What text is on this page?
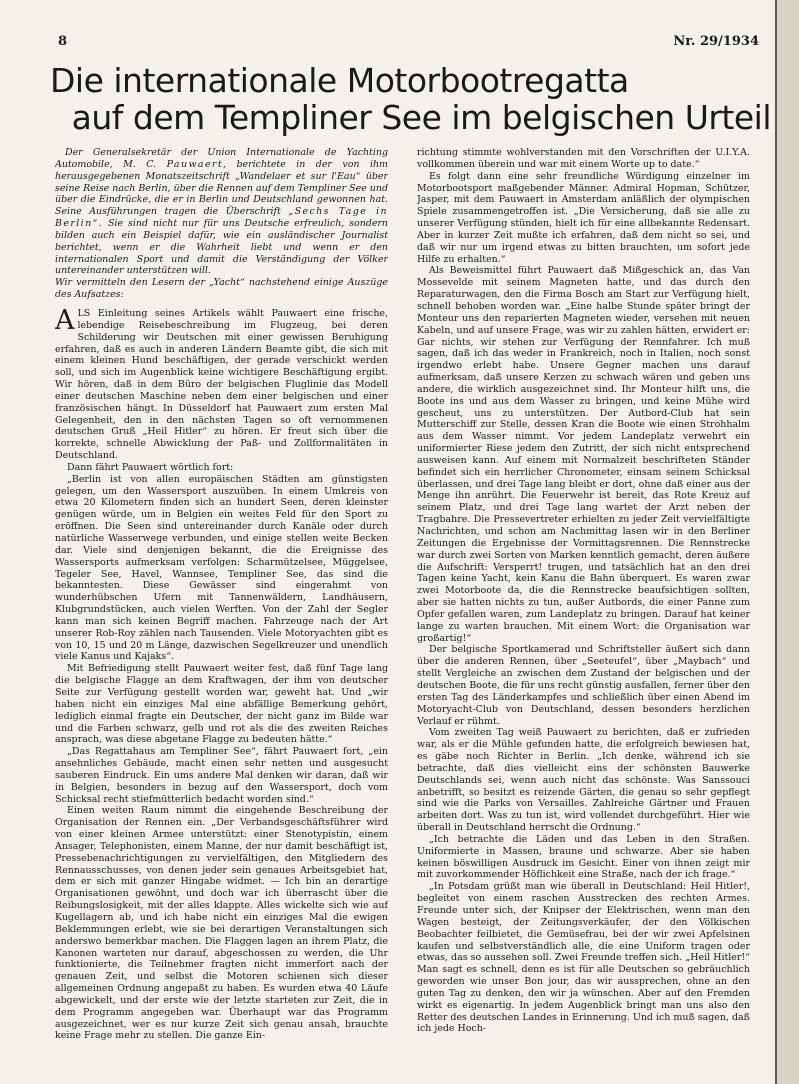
8	Nr. 29/1934
Die internationale Motorbootregatta
auf dem Templiner See im belgischen Urteil

Der Generalsekretär der Union Internationale de Yachting Automobile, M. C. Pauwaert, berichtete in der von ihm herausgegebenen Monatszeitschrift „Wandelaer et sur l'Eau“ über seine Reise nach Berlin, über die Rennen auf dem Templiner See und über die Eindrücke, die er in Berlin und Deutschland gewonnen hat. Seine Ausführungen tragen die Überschrift „Sechs Tage in Berlin“. Sie sind nicht nur für uns Deutsche erfreulich, sondern bilden auch ein Beispiel dafür, wie ein ausländischer Journalist berichtet, wenn er die Wahrheit liebt und wenn er den internationalen Sport und damit die Verständigung der Völker untereinander unterstützen will.
Wir vermitteln den Lesern der „Yacht“ nachstehend einige Auszüge des Aufsatzes:

ALS Einleitung seines Artikels wählt Pauwaert eine frische, lebendige Reisebeschreibung im Flugzeug, bei deren Schilderung wir Deutschen mit einer gewissen Beruhigung erfahren, daß es auch in anderen Ländern Beamte gibt, die sich mit einem kleinen Hund beschäftigen, der gerade verschickt werden soll, und sich im Augenblick keine wichtigere Beschäftigung ergibt. Wir hören, daß in dem Büro der belgischen Fluglinie das Modell einer deutschen Maschine neben dem einer belgischen und einer französischen hängt. In Düsseldorf hat Pauwaert zum ersten Mal Gelegenheit, den in den nächsten Tagen so oft vernommenen deutschen Gruß „Heil Hitler“ zu hören. Er freut sich über die korrekte, schnelle Abwicklung der Paß- und Zollformalitäten in Deutschland.

Dann fährt Pauwaert wörtlich fort:

„Berlin ist von allen europäischen Städten am günstigsten gelegen, um den Wassersport auszuüben. In einem Umkreis von etwa 20 Kilometern finden sich an hundert Seen, deren kleinster genügen würde, um in Belgien ein weites Feld für den Sport zu eröffnen. Die Seen sind untereinander durch Kanäle oder durch natürliche Wasserwege verbunden, und einige stellen weite Becken dar. Viele sind denjenigen bekannt, die die Ereignisse des Wassersports aufmerksam verfolgen: Scharmützelsee, Müggelsee, Tegeler See, Havel, Wannsee, Templiner See, das sind die bekanntesten. Diese Gewässer sind eingerahmt von wunderhübschen Ufern mit Tannenwäldern, Landhäusern, Klubgrundstücken, auch vielen Werften. Von der Zahl der Segler kann man sich keinen Begriff machen. Fahrzeuge nach der Art unserer Rob-Roy zählen nach Tausenden. Viele Motoryachten gibt es von 10, 15 und 20 m Länge, dazwischen Segelkreuzer und unendlich viele Kanus und Kajaks“.

Mit Befriedigung stellt Pauwaert weiter fest, daß fünf Tage lang die belgische Flagge an dem Kraftwagen, der ihm von deutscher Seite zur Verfügung gestellt worden war, geweht hat. Und „wir haben nicht ein einziges Mal eine abfällige Bemerkung gehört, lediglich einmal fragte ein Deutscher, der nicht ganz im Bilde war und die Farben schwarz, gelb und rot als die des zweiten Reiches ansprach, was diese abgetane Flagge zu bedeuten hätte.“

„Das Regattahaus am Templiner See“, fährt Pauwaert fort, „ein ansehnliches Gebäude, macht einen sehr netten und ausgesucht sauberen Eindruck. Ein ums andere Mal denken wir daran, daß wir in Belgien, besonders in bezug auf den Wassersport, doch vom Schicksal recht stiefmütterlich bedacht worden sind.“

Einen weiten Raum nimmt die eingehende Beschreibung der Organisation der Rennen ein. „Der Verbandsgeschäftsführer wird von einer kleinen Armee unterstützt: einer Stenotypistin, einem Ansager, Telephonisten, einem Manne, der nur damit beschäftigt ist, Pressebenachrichtigungen zu vervielfältigen, den Mitgliedern des Rennausschusses, von denen jeder sein genaues Arbeitsgebiet hat, dem er sich mit ganzer Hingabe widmet. — Ich bin an derartige Organisationen gewöhnt, und doch war ich überrascht über die Reibungslosigkeit, mit der alles klappte. Alles wickelte sich wie auf Kugellagern ab, und ich habe nicht ein einziges Mal die ewigen Beklemmungen erlebt, wie sie bei derartigen Veranstaltungen sich anderswo bemerkbar machen. Die Flaggen lagen an ihrem Platz, die Kanonen warteten nur darauf, abgeschossen zu werden, die Uhr funktionierte, die Teilnehmer fragten nicht immerfort nach der genauen Zeit, und selbst die Motoren schienen sich dieser allgemeinen Ordnung angepaßt zu haben. Es wurden etwa 40 Läufe abgewickelt, und der erste wie der letzte starteten zur Zeit, die in dem Programm angegeben war. Überhaupt war das Programm ausgezeichnet, wer es nur kurze Zeit sich genau ansah, brauchte keine Frage mehr zu stellen. Die ganze Ein-

richtung stimmte wohlverstanden mit den Vorschriften der U.I.Y.A. vollkommen überein und war mit einem Worte up to date.“

Es folgt dann eine sehr freundliche Würdigung einzelner im Motorbootsport maßgebender Männer. Admiral Hopman, Schützer, Jasper, mit dem Pauwaert in Amsterdam anläßlich der olympischen Spiele zusammengetroffen ist. „Die Versicherung, daß sie alle zu unserer Verfügung stünden, hielt ich für eine allbekannte Redensart. Aber in kurzer Zeit mußte ich erfahren, daß dem nicht so sei, und daß wir nur um irgend etwas zu bitten brauchten, um sofort jede Hilfe zu erhalten.“

Als Beweismittel führt Pauwaert daß Mißgeschick an, das Van Mossevelde mit seinem Magneten hatte, und das durch den Reparaturwagen, den die Firma Bosch am Start zur Verfügung hielt, schnell behoben worden war. „Eine halbe Stunde später bringt der Monteur uns den reparierten Magneten wieder, versehen mit neuen Kabeln, und auf unsere Frage, was wir zu zahlen hätten, erwidert er: Gar nichts, wir stehen zur Verfügung der Rennfahrer. Ich muß sagen, daß ich das weder in Frankreich, noch in Italien, noch sonst irgendwo erlebt habe. Unsere Gegner machen uns darauf aufmerksam, daß unsere Kerzen zu schwach wären und geben uns andere, die wirklich ausgezeichnet sind. Ihr Monteur hilft uns, die Boote ins und aus dem Wasser zu bringen, und keine Mühe wird gescheut, uns zu unterstützen. Der Autbord-Club hat sein Mutterschiff zur Stelle, dessen Kran die Boote wie einen Strohhalm aus dem Wasser nimmt. Vor jedem Landeplatz verwehrt ein uniformierter Riese jedem den Zutritt, der sich nicht entsprechend ausweisen kann. Auf einem mit Normalzeit beschrifteten Ständer befindet sich ein herrlicher Chronometer, einsam seinem Schicksal überlassen, und drei Tage lang bleibt er dort, ohne daß einer aus der Menge ihn anrührt. Die Feuerwehr ist bereit, das Rote Kreuz auf seinem Platz, und drei Tage lang wartet der Arzt neben der Tragbahre. Die Pressevertreter erhielten zu jeder Zeit vervielfältigte Nachrichten, und schon am Nachmittag lasen wir in den Berliner Zeitungen die Ergebnisse der Vormittagsrennen. Die Rennstrecke war durch zwei Sorten von Marken kenntlich gemacht, deren äußere die Aufschrift: Versperrt! trugen, und tatsächlich hat an den drei Tagen keine Yacht, kein Kanu die Bahn überquert. Es waren zwar zwei Motorboote da, die die Rennstrecke beaufsichtigen sollten, aber sie hatten nichts zu tun, außer Autbords, die einer Panne zum Opfer gefallen waren, zum Landeplatz zu bringen. Darauf hat keiner lange zu warten brauchen. Mit einem Wort: die Organisation war großartig!“

Der belgische Sportkamerad und Schriftsteller äußert sich dann über die anderen Rennen, über „Seeteufel“, über „Maybach“ und stellt Vergleiche an zwischen dem Zustand der belgischen und der deutschen Boote, die für uns recht günstig ausfallen, ferner über den ersten Tag des Länderkampfes und schließlich über einen Abend im Motoryacht-Club von Deutschland, dessen besonders herzlichen Verlauf er rühmt.

Vom zweiten Tag weiß Pauwaert zu berichten, daß er zufrieden war, als er die Mühle gefunden hatte, die erfolgreich bewiesen hat, es gäbe noch Richter in Berlin. „Ich denke, während ich sie betrachte, daß dies vielleicht eins der schönsten Bauwerke Deutschlands sei, wenn auch nicht das schönste. Was Sanssouci anbetrifft, so besitzt es reizende Gärten, die genau so sehr gepflegt sind wie die Parks von Versailles. Zahlreiche Gärtner und Frauen arbeiten dort. Was zu tun ist, wird vollendet durchgeführt. Hier wie überall in Deutschland herrscht die Ordnung.“

„Ich betrachte die Läden und das Leben in den Straßen. Uniformierte in Massen, braune und schwarze. Aber sie haben keinen böswilligen Ausdruck im Gesicht. Einer von ihnen zeigt mir mit zuvorkommender Höflichkeit eine Straße, nach der ich frage.“

„In Potsdam grüßt man wie überall in Deutschland: Heil Hitler!, begleitet von einem raschen Ausstrecken des rechten Armes. Freunde unter sich, der Knipser der Elektrischen, wenn man den Wagen besteigt, der Zeitungsverkäufer, der den Völkischen Beobachter feilbietet, die Gemüsefrau, bei der wir zwei Apfelsinen kaufen und selbstverständlich alle, die eine Uniform tragen oder etwas, das so aussehen soll. Zwei Freunde treffen sich. „Heil Hitler!“ Man sagt es schnell, denn es ist für alle Deutschen so gebräuchlich geworden wie unser Bon jour, das wir aussprechen, ohne an den guten Tag zu denken, den wir ja wünschen. Aber auf den Fremden wirkt es eigenartig. In jedem Augenblick bringt man uns also den Retter des deutschen Landes in Erinnerung. Und ich muß sagen, daß ich jede Hoch-
